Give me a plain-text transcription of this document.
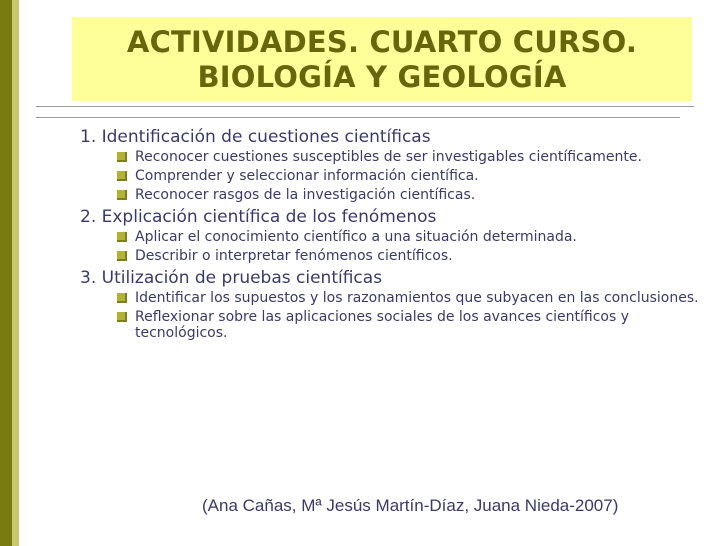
ACTIVIDADES. CUARTO CURSO.
BIOLOGÍA Y GEOLOGÍA

1. Identificación de cuestiones científicas

Reconocer cuestiones susceptibles de ser investigables científicamente.
Comprender y seleccionar información científica.
Reconocer rasgos de la investigación científicas.

2. Explicación científica de los fenómenos

Aplicar el conocimiento científico a una situación determinada.
Describir o interpretar fenómenos científicos.

3. Utilización de pruebas científicas

Identificar los supuestos y los razonamientos que subyacen en las conclusiones.
Reflexionar sobre las aplicaciones sociales de los avances científicos y tecnológicos.
(Ana Cañas, Mª Jesús Martín-Díaz, Juana Nieda-2007)
